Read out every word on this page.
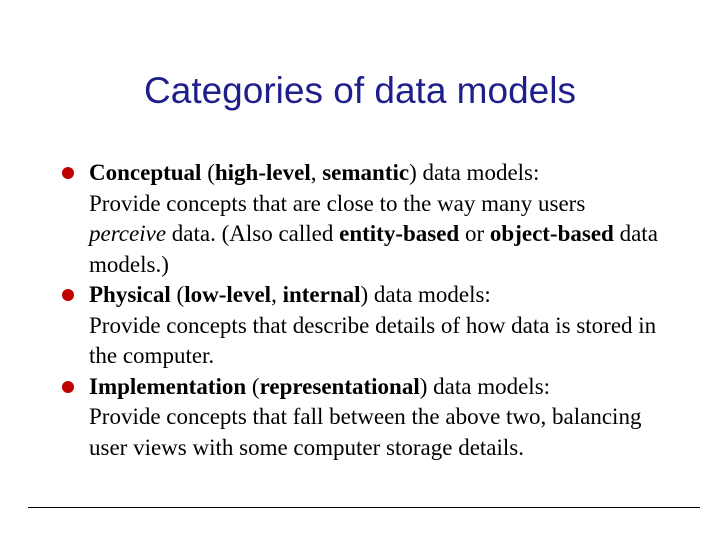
Categories of data models
Conceptual (high-level, semantic) data models:
Provide concepts that are close to the way many users perceive data. (Also called entity-based or object-based data models.)
Physical (low-level, internal) data models:
Provide concepts that describe details of how data is stored in the computer.
Implementation (representational) data models:
Provide concepts that fall between the above two, balancing user views with some computer storage details.
